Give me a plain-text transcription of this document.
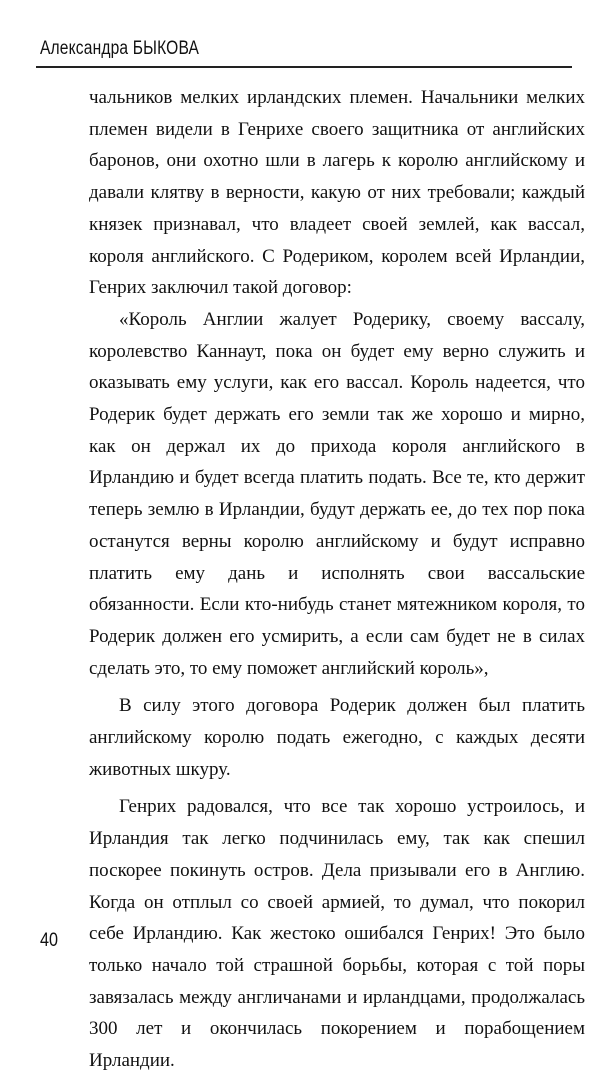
Александра БЫКОВА

чальников мелких ирландских племен. Начальники мелких племен видели в Генрихе своего защитника от английских баронов, они охотно шли в лагерь к королю английскому и давали клятву в верности, какую от них требовали; каждый князек признавал, что владеет своей землей, как вассал, короля английского. С Родериком, королем всей Ирландии, Генрих заключил такой договор:

«Король Англии жалует Родерику, своему вассалу, королевство Каннаут, пока он будет ему верно служить и оказывать ему услуги, как его вассал. Король надеется, что Родерик будет держать его земли так же хорошо и мирно, как он держал их до прихода короля английского в Ирландию и будет всегда платить подать. Все те, кто держит теперь землю в Ирландии, будут держать ее, до тех пор пока останутся верны королю английскому и будут исправно платить ему дань и исполнять свои вассальские обязанности. Если кто-нибудь станет мятежником короля, то Родерик должен его усмирить, а если сам будет не в силах сделать это, то ему поможет английский король»,

В силу этого договора Родерик должен был платить английскому королю подать ежегодно, с каждых десяти животных шкуру.

Генрих радовался, что все так хорошо устроилось, и Ирландия так легко подчинилась ему, так как спешил поскорее покинуть остров. Дела призывали его в Англию. Когда он отплыл со своей армией, то думал, что покорил себе Ирландию. Как жестоко ошибался Генрих! Это было только начало той страшной борьбы, которая с той поры завязалась между англичанами и ирландцами, продолжалась 300 лет и окончилась покорением и порабощением Ирландии.

40
